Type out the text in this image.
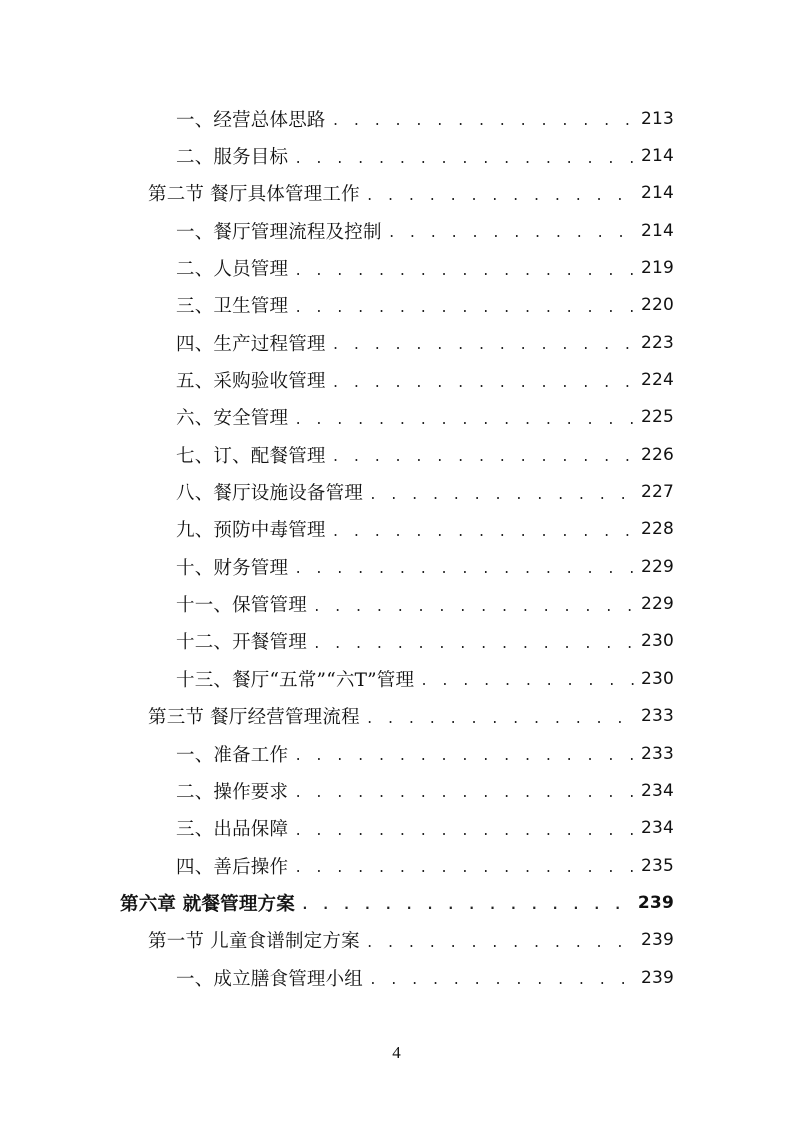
一、经营总体思路 . . .	213
二、服务目标 . . .	214
第二节 餐厅具体管理工作 . . .	214
一、餐厅管理流程及控制 . . .	214
二、人员管理 . . .	219
三、卫生管理 . . .	220
四、生产过程管理 . . .	223
五、采购验收管理 . . .	224
六、安全管理 . . .	225
七、订、配餐管理 . . .	226
八、餐厅设施设备管理 . . .	227
九、预防中毒管理 . . .	228
十、财务管理 . . .	229
十一、保管管理 . . .	229
十二、开餐管理 . . .	230
十三、餐厅“五常”“六T”管理 . . .	230
第三节 餐厅经营管理流程 . . .	233
一、准备工作 . . .	233
二、操作要求 . . .	234
三、出品保障 . . .	234
四、善后操作 . . .	235
第六章 就餐管理方案 . . .	239
第一节 儿童食谱制定方案 . . .	239
一、成立膳食管理小组 . . .	239
4
